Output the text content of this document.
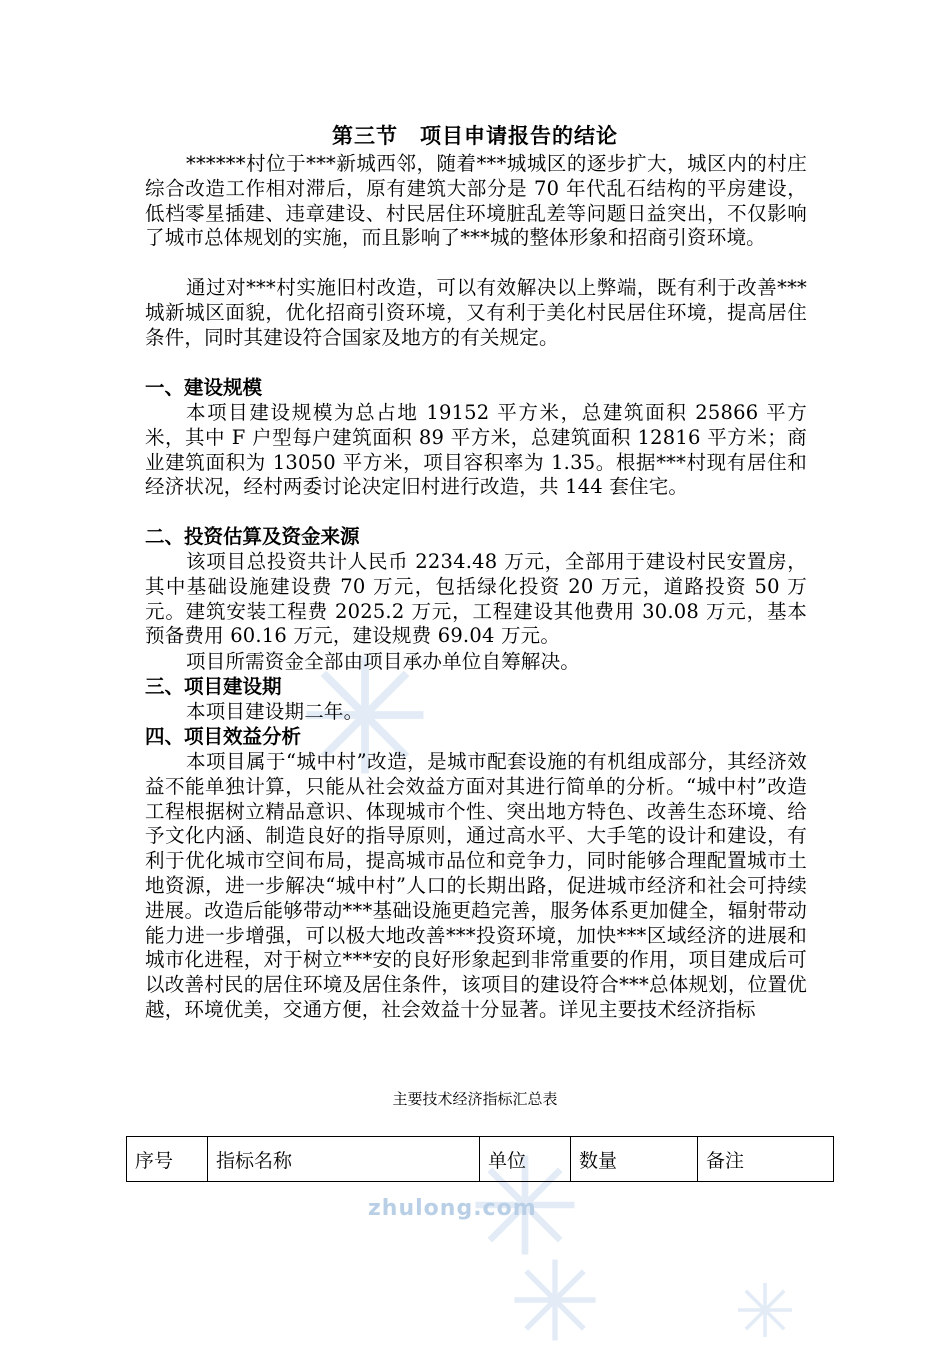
zhulong.com
第三节　项目申请报告的结论
******村位于***新城西邻，随着***城城区的逐步扩大，城区内的村庄综合改造工作相对滞后，原有建筑大部分是 70 年代乱石结构的平房建设，低档零星插建、违章建设、村民居住环境脏乱差等问题日益突出，不仅影响了城市总体规划的实施，而且影响了***城的整体形象和招商引资环境。
通过对***村实施旧村改造，可以有效解决以上弊端，既有利于改善***城新城区面貌，优化招商引资环境，又有利于美化村民居住环境，提高居住条件，同时其建设符合国家及地方的有关规定。
一、建设规模
本项目建设规模为总占地 19152 平方米，总建筑面积 25866 平方米，其中 F 户型每户建筑面积 89 平方米，总建筑面积 12816 平方米；商业建筑面积为 13050 平方米，项目容积率为 1.35。根据***村现有居住和经济状况，经村两委讨论决定旧村进行改造，共 144 套住宅。
二、投资估算及资金来源
该项目总投资共计人民币 2234.48 万元，全部用于建设村民安置房，其中基础设施建设费 70 万元，包括绿化投资 20 万元，道路投资 50 万元。建筑安装工程费 2025.2 万元，工程建设其他费用 30.08 万元，基本预备费用 60.16 万元，建设规费 69.04 万元。
项目所需资金全部由项目承办单位自筹解决。
三、项目建设期
本项目建设期二年。
四、项目效益分析
本项目属于“城中村”改造，是城市配套设施的有机组成部分，其经济效益不能单独计算，只能从社会效益方面对其进行简单的分析。“城中村”改造工程根据树立精品意识、体现城市个性、突出地方特色、改善生态环境、给予文化内涵、制造良好的指导原则，通过高水平、大手笔的设计和建设，有利于优化城市空间布局，提高城市品位和竞争力，同时能够合理配置城市土地资源，进一步解决“城中村”人口的长期出路，促进城市经济和社会可持续进展。改造后能够带动***基础设施更趋完善，服务体系更加健全，辐射带动能力进一步增强，可以极大地改善***投资环境，加快***区域经济的进展和城市化进程，对于树立***安的良好形象起到非常重要的作用，项目建成后可以改善村民的居住环境及居住条件，该项目的建设符合***总体规划，位置优越，环境优美，交通方便，社会效益十分显著。详见主要技术经济指标
主要技术经济指标汇总表
序号	指标名称	单位	数量	备注
